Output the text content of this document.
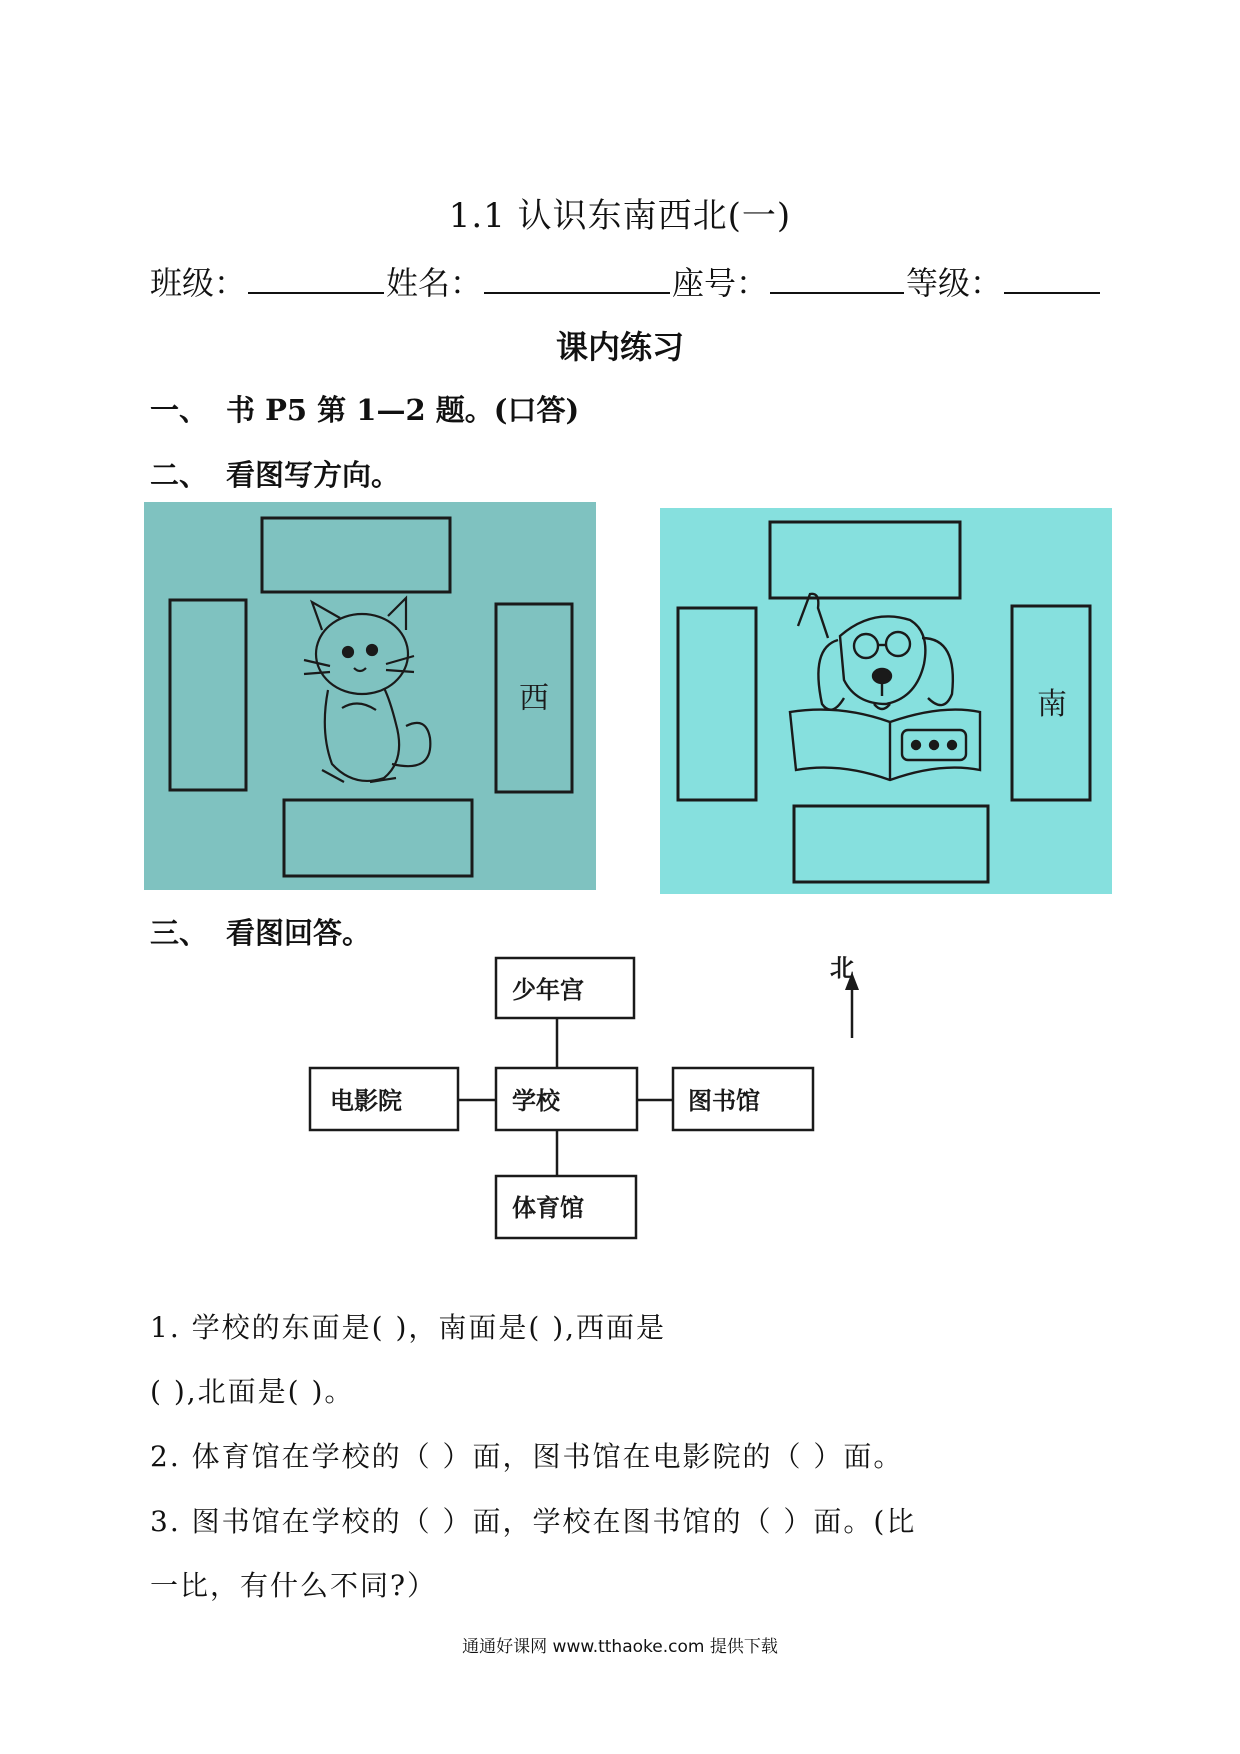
1.1 认识东南西北(一)
班级：	姓名：	座号：	等级：
课内练习
一、 书 P5 第 1—2 题。(口答)
二、 看图写方向。
西	南
三、 看图回答。
北
少年宫
学校
电影院	图书馆
体育馆
1. 学校的东面是( )，南面是( ),西面是
( ),北面是( )。
2. 体育馆在学校的（ ）面，图书馆在电影院的（ ）面。
3. 图书馆在学校的（ ）面，学校在图书馆的（ ）面。(比
一比，有什么不同?）
通通好课网 www.tthaoke.com 提供下载
